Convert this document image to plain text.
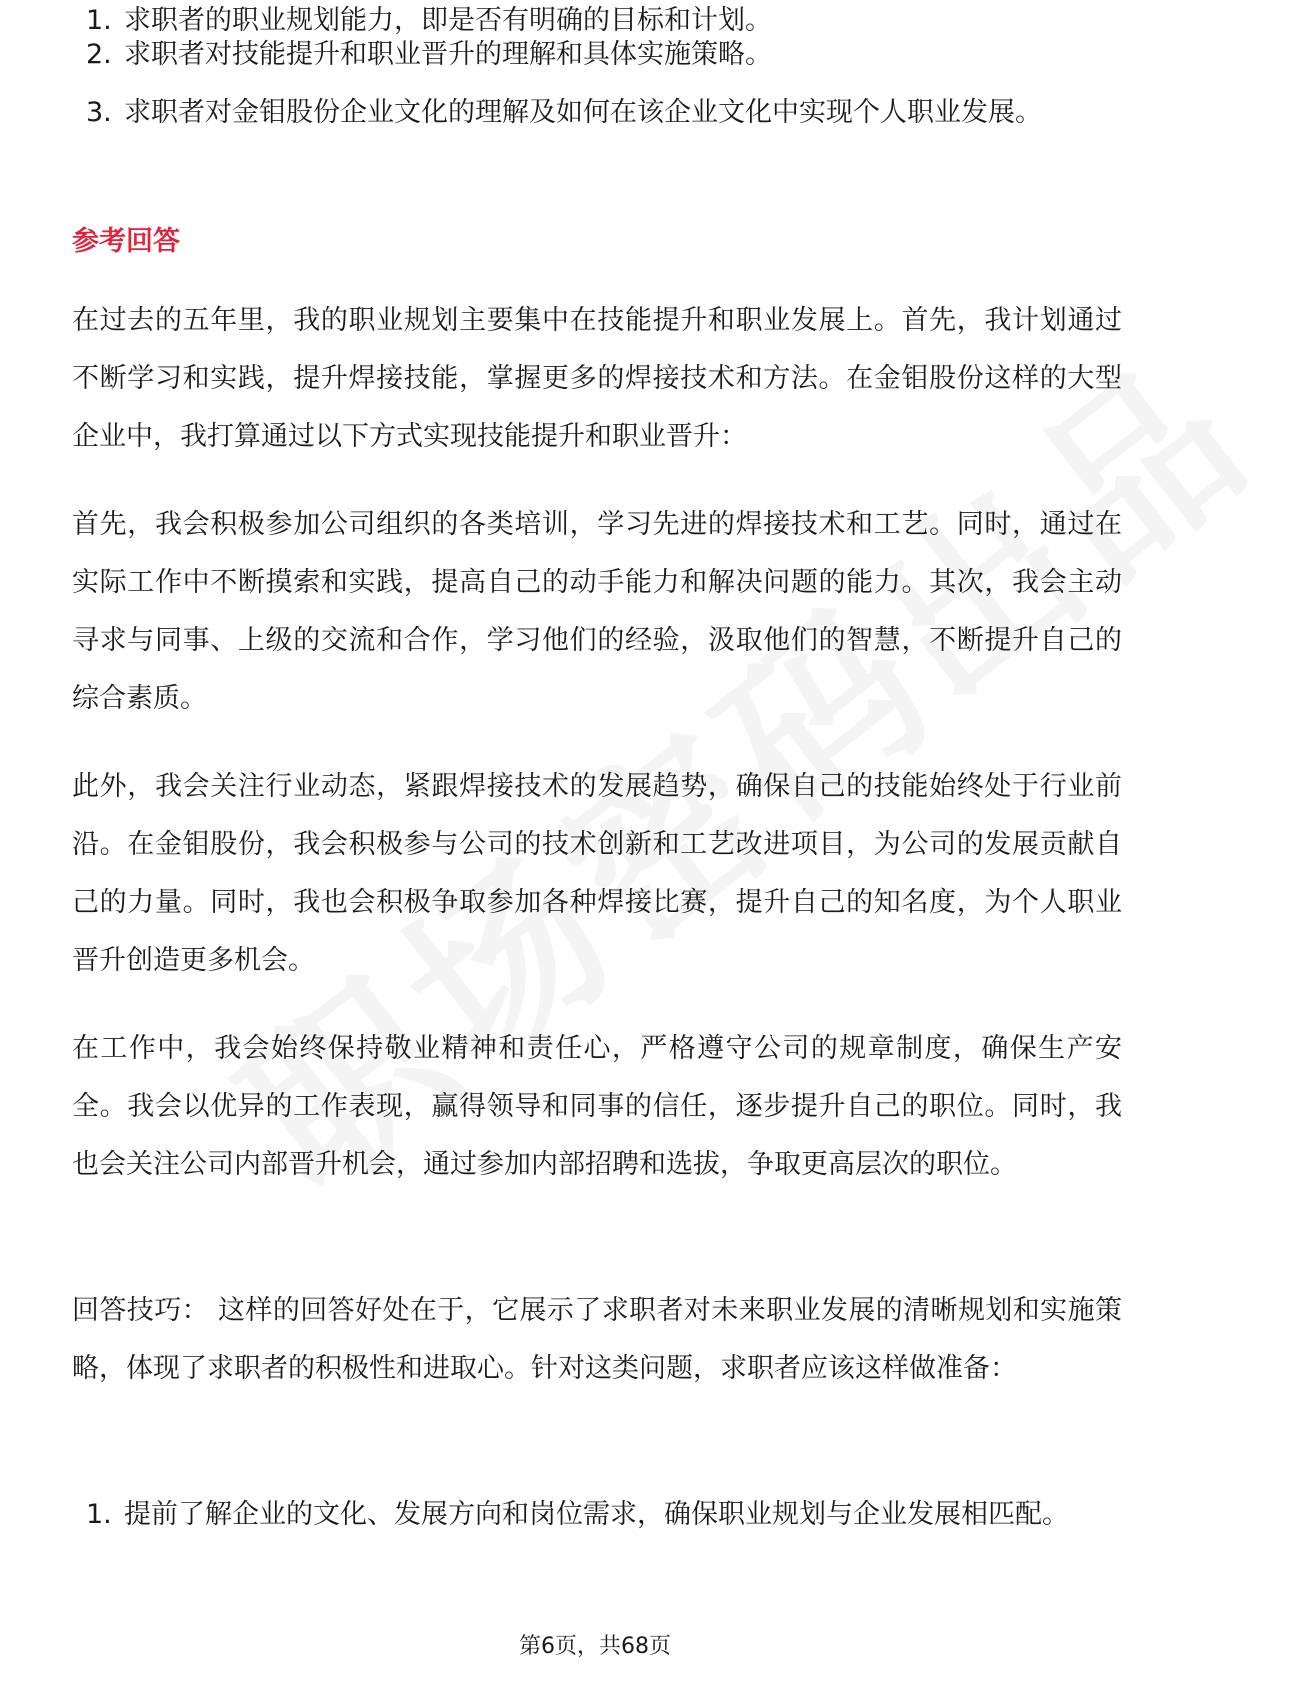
1. 求职者的职业规划能力，即是否有明确的目标和计划。
2. 求职者对技能提升和职业晋升的理解和具体实施策略。
3. 求职者对金钼股份企业文化的理解及如何在该企业文化中实现个人职业发展。
参考回答

在过去的五年里，我的职业规划主要集中在技能提升和职业发展上。首先，我计划通过不断学习和实践，提升焊接技能，掌握更多的焊接技术和方法。在金钼股份这样的大型企业中，我打算通过以下方式实现技能提升和职业晋升：

首先，我会积极参加公司组织的各类培训，学习先进的焊接技术和工艺。同时，通过在实际工作中不断摸索和实践，提高自己的动手能力和解决问题的能力。其次，我会主动寻求与同事、上级的交流和合作，学习他们的经验，汲取他们的智慧，不断提升自己的综合素质。

此外，我会关注行业动态，紧跟焊接技术的发展趋势，确保自己的技能始终处于行业前沿。在金钼股份，我会积极参与公司的技术创新和工艺改进项目，为公司的发展贡献自己的力量。同时，我也会积极争取参加各种焊接比赛，提升自己的知名度，为个人职业晋升创造更多机会。

在工作中，我会始终保持敬业精神和责任心，严格遵守公司的规章制度，确保生产安全。我会以优异的工作表现，赢得领导和同事的信任，逐步提升自己的职位。同时，我也会关注公司内部晋升机会，通过参加内部招聘和选拔，争取更高层次的职位。

回答技巧： 这样的回答好处在于，它展示了求职者对未来职业发展的清晰规划和实施策略，体现了求职者的积极性和进取心。针对这类问题，求职者应该这样做准备：

1. 提前了解企业的文化、发展方向和岗位需求，确保职业规划与企业发展相匹配。
第6页，共68页
